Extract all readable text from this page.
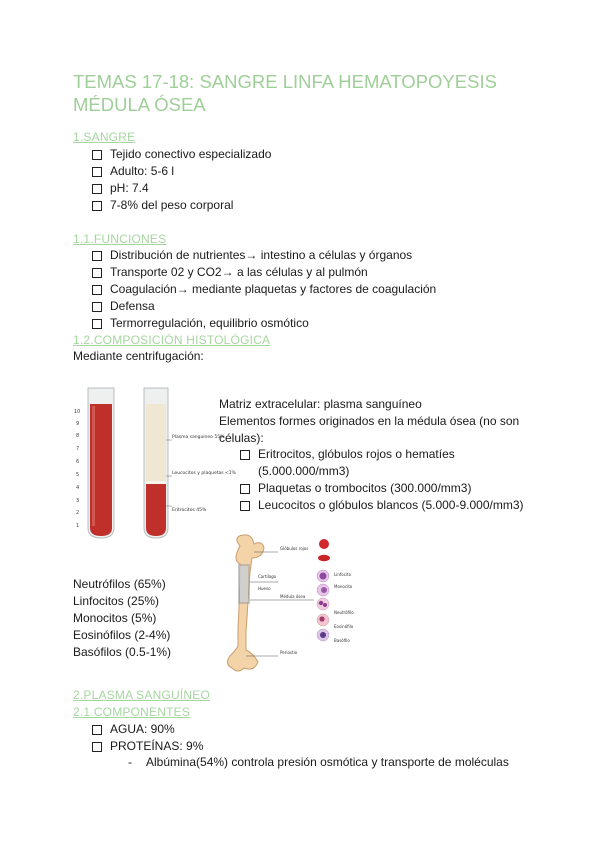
TEMAS 17-18: SANGRE LINFA HEMATOPOYESIS MÉDULA ÓSEA
1.SANGRE
Tejido conectivo especializado
Adulto: 5-6 l
pH: 7.4
7-8% del peso corporal
1.1.FUNCIONES
Distribución de nutrientes→ intestino a células y órganos
Transporte 02 y CO2→ a las células y al pulmón
Coagulación→ mediante plaquetas y factores de coagulación
Defensa
Termorregulación, equilibrio osmótico
1.2.COMPOSICIÓN HISTOLÓGICA
Mediante centrifugación:
10
9
8
7
6
5
4
3
2
1
Plasma sanguíneo 55%
Leucocitos y plaquetas <1%
Eritrocitos 45%
Matriz extracelular: plasma sanguíneo
Elementos formes originados en la médula ósea (no son
células):
Eritrocitos, glóbulos rojos o hematíes
(5.000.000/mm3)
Plaquetas o trombocitos (300.000/mm3)
Leucocitos o glóbulos blancos (5.000-9.000/mm3)
Glóbulos rojos
Cartílago
Hueso
Médula ósea
Linfocito
Monocito
Neutrófilo
Eosinófilo
Basófilo
Periostio
Neutrófilos (65%)
Linfocitos (25%)
Monocitos (5%)
Eosinófilos (2-4%)
Basófilos (0.5-1%)
2.PLASMA SANGUÍNEO
2.1.COMPONENTES
AGUA: 90%
PROTEÍNAS: 9%
- Albúmina(54%) controla presión osmótica y transporte de moléculas
